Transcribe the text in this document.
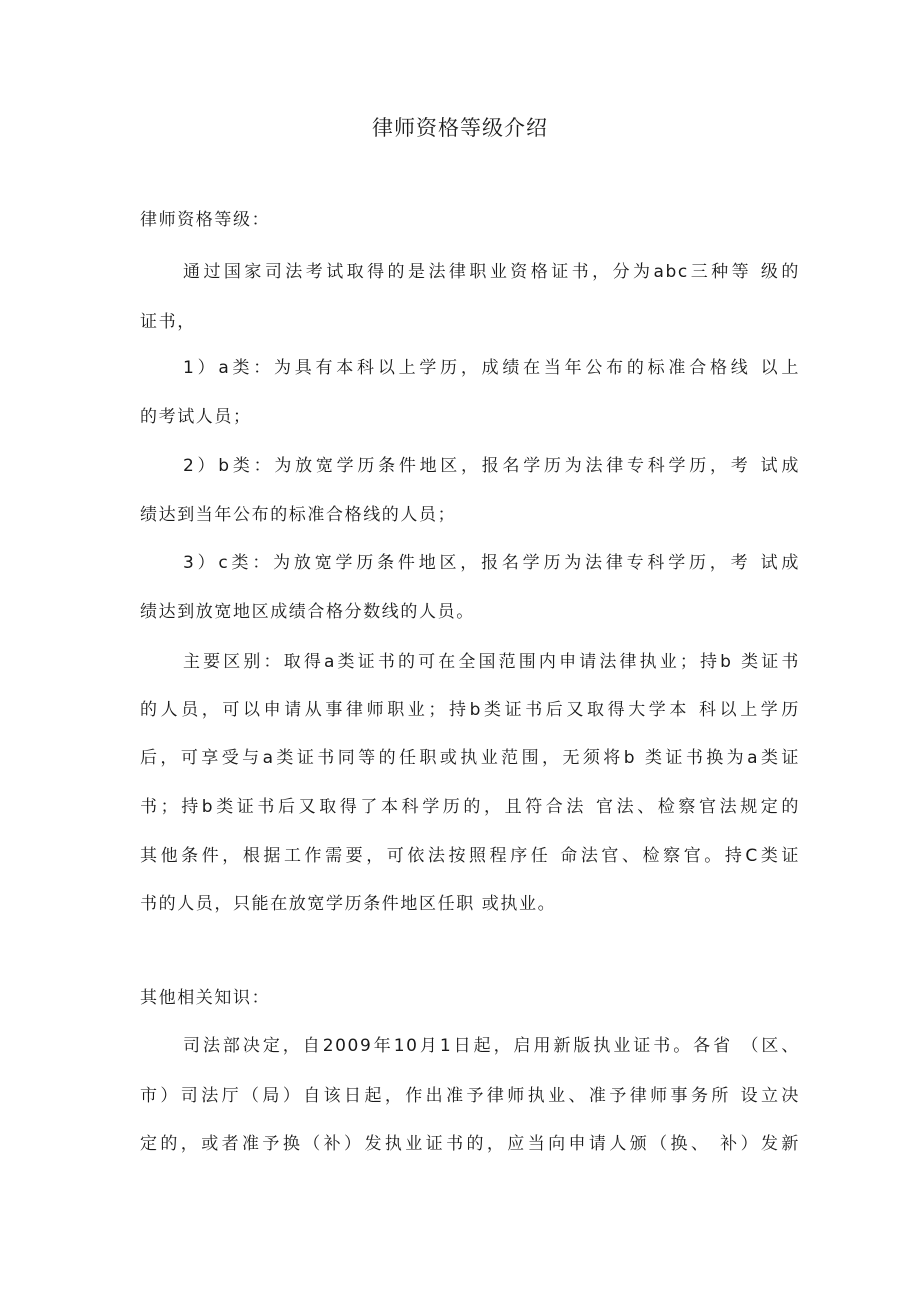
律师资格等级介绍
律师资格等级：
通过国家司法考试取得的是法律职业资格证书，分为abc三种等 级的
证书，
1）a类：为具有本科以上学历，成绩在当年公布的标准合格线 以上
的考试人员；
2）b类：为放宽学历条件地区，报名学历为法律专科学历，考 试成
绩达到当年公布的标准合格线的人员；
3）c类：为放宽学历条件地区，报名学历为法律专科学历，考 试成
绩达到放宽地区成绩合格分数线的人员。
主要区别：取得a类证书的可在全国范围内申请法律执业；持b 类证书
的人员，可以申请从事律师职业；持b类证书后又取得大学本 科以上学历
后，可享受与a类证书同等的任职或执业范围，无须将b 类证书换为a类证
书；持b类证书后又取得了本科学历的，且符合法 官法、检察官法规定的
其他条件，根据工作需要，可依法按照程序任 命法官、检察官。持C类证
书的人员，只能在放宽学历条件地区任职 或执业。
其他相关知识：
司法部决定，自2009年10月1日起，启用新版执业证书。各省 （区、
市）司法厅（局）自该日起，作出准予律师执业、准予律师事务所 设立决
定的，或者准予换（补）发执业证书的，应当向申请人颁（换、 补）发新
